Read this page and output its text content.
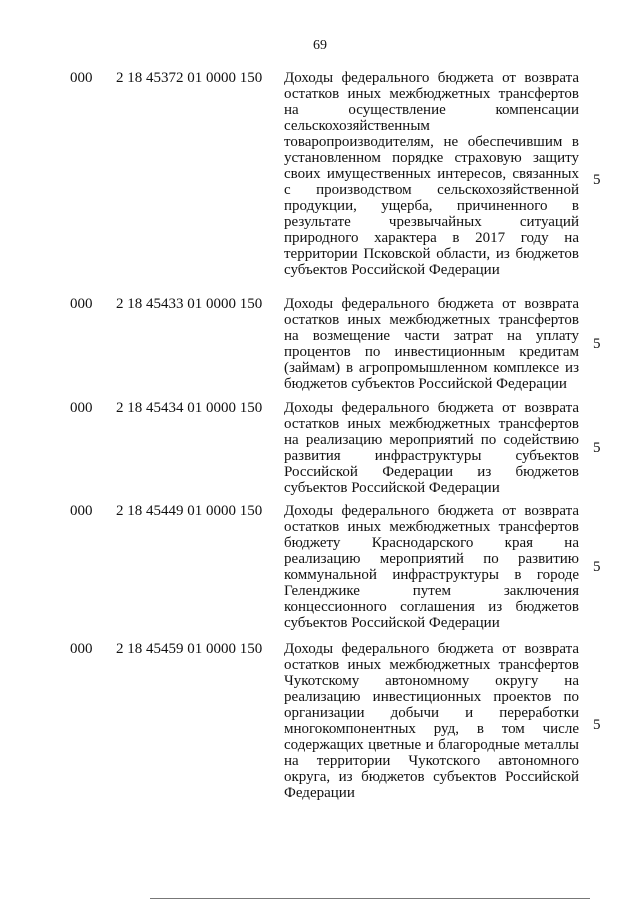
69
000 2 18 45372 01 0000 150 Доходы федерального бюджета от возврата
остатков иных межбюджетных трансфертов
на осуществление компенсации
сельскохозяйственным
товаропроизводителям, не обеспечившим в
установленном порядке страховую защиту
своих имущественных интересов, связанных
с производством сельскохозяйственной
продукции, ущерба, причиненного в
результате чрезвычайных ситуаций
природного характера в 2017 году на
территории Псковской области, из бюджетов
субъектов Российской Федерации
5
000 2 18 45433 01 0000 150 Доходы федерального бюджета от возврата
остатков иных межбюджетных трансфертов
на возмещение части затрат на уплату
процентов по инвестиционным кредитам
(займам) в агропромышленном комплексе из
бюджетов субъектов Российской Федерации
5
000 2 18 45434 01 0000 150 Доходы федерального бюджета от возврата
остатков иных межбюджетных трансфертов
на реализацию мероприятий по содействию
развития инфраструктуры субъектов
Российской Федерации из бюджетов
субъектов Российской Федерации
5
000 2 18 45449 01 0000 150 Доходы федерального бюджета от возврата
остатков иных межбюджетных трансфертов
бюджету Краснодарского края на
реализацию мероприятий по развитию
коммунальной инфраструктуры в городе
Геленджике путем заключения
концессионного соглашения из бюджетов
субъектов Российской Федерации
5
000 2 18 45459 01 0000 150 Доходы федерального бюджета от возврата
остатков иных межбюджетных трансфертов
Чукотскому автономному округу на
реализацию инвестиционных проектов по
организации добычи и переработки
многокомпонентных руд, в том числе
содержащих цветные и благородные металлы
на территории Чукотского автономного
округа, из бюджетов субъектов Российской
Федерации
5
